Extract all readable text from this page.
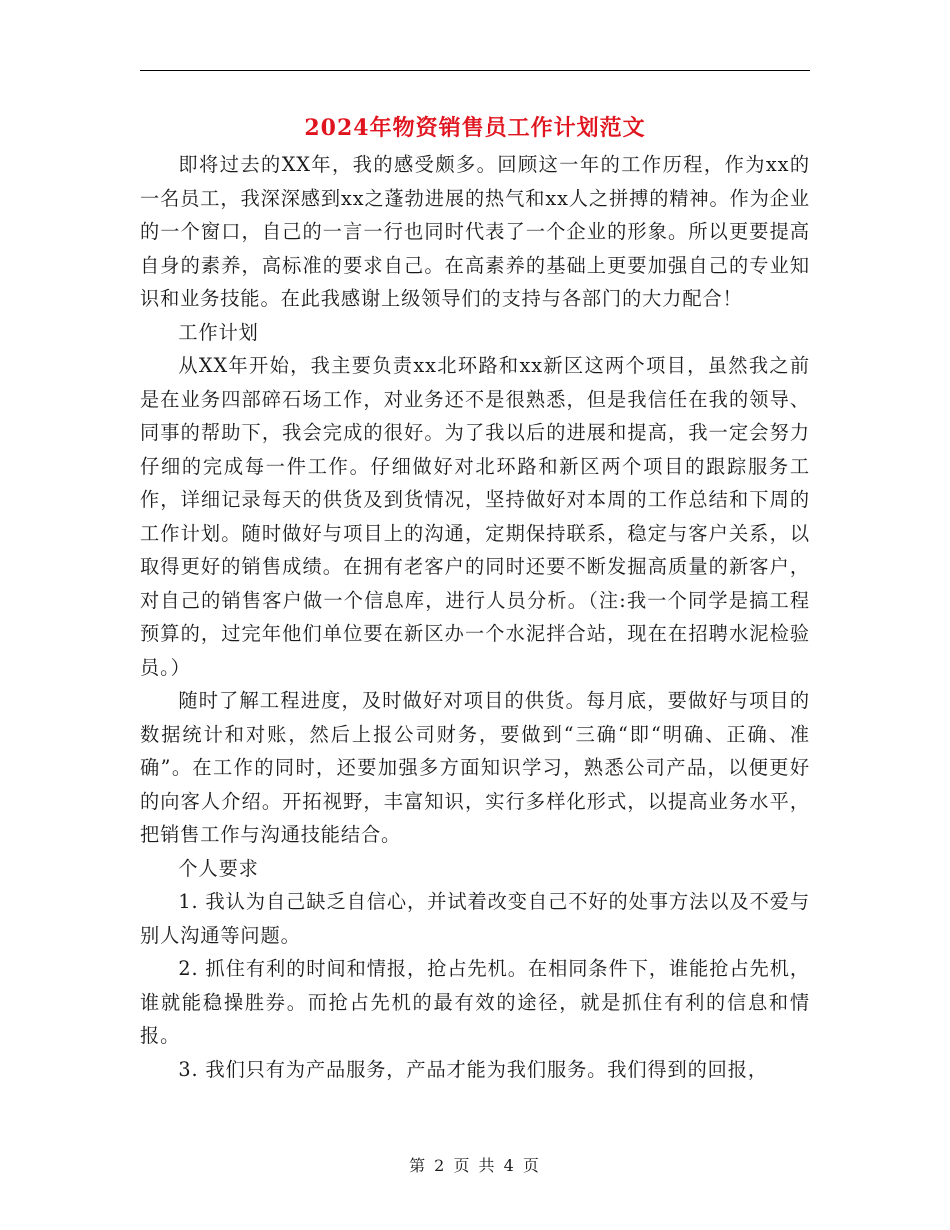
2024年物资销售员工作计划范文

即将过去的XX年，我的感受颇多。回顾这一年的工作历程，作为xx的一名员工，我深深感到xx之蓬勃进展的热气和xx人之拼搏的精神。作为企业的一个窗口，自己的一言一行也同时代表了一个企业的形象。所以更要提高自身的素养，高标准的要求自己。在高素养的基础上更要加强自己的专业知识和业务技能。在此我感谢上级领导们的支持与各部门的大力配合！

工作计划

从XX年开始，我主要负责xx北环路和xx新区这两个项目，虽然我之前是在业务四部碎石场工作，对业务还不是很熟悉，但是我信任在我的领导、同事的帮助下，我会完成的很好。为了我以后的进展和提高，我一定会努力仔细的完成每一件工作。仔细做好对北环路和新区两个项目的跟踪服务工作，详细记录每天的供货及到货情况，坚持做好对本周的工作总结和下周的工作计划。随时做好与项目上的沟通，定期保持联系，稳定与客户关系，以取得更好的销售成绩。在拥有老客户的同时还要不断发掘高质量的新客户，对自己的销售客户做一个信息库，进行人员分析。（注:我一个同学是搞工程预算的，过完年他们单位要在新区办一个水泥拌合站，现在在招聘水泥检验员。）

随时了解工程进度，及时做好对项目的供货。每月底，要做好与项目的数据统计和对账，然后上报公司财务，要做到“三确“即“明确、正确、准确”。在工作的同时，还要加强多方面知识学习，熟悉公司产品，以便更好的向客人介绍。开拓视野，丰富知识，实行多样化形式，以提高业务水平，把销售工作与沟通技能结合。

个人要求

1. 我认为自己缺乏自信心，并试着改变自己不好的处事方法以及不爱与别人沟通等问题。

2. 抓住有利的时间和情报，抢占先机。在相同条件下，谁能抢占先机，谁就能稳操胜券。而抢占先机的最有效的途径，就是抓住有利的信息和情报。

3. 我们只有为产品服务，产品才能为我们服务。我们得到的回报，

第 2 页 共 4 页
